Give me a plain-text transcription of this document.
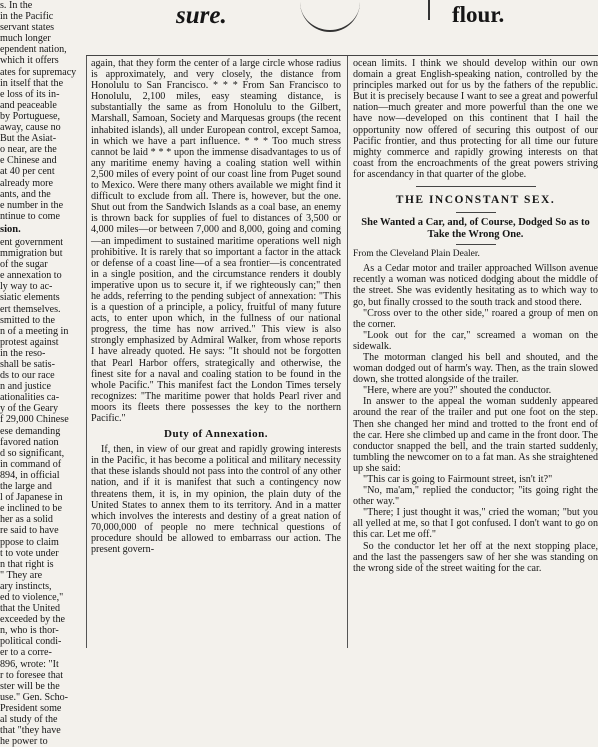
sure.	flour.

s. In the

in the Pacific

servant states

much longer

ependent nation,

which it offers

ates for supremacy

in itself that the

e loss of its in-

and peaceable

by Portuguese,

away, cause no

But the Asiat-

o near, are the

e Chinese and

at 40 per cent

already more

ants, and the

e number in the

ntinue to come

sion.

ent government

mmigration but

of the sugar

e annexation to

ly way to ac-

siatic elements

ert themselves.

smitted to the

n of a meeting in

protest against

in the reso-

shall be satis-

ds to our race

n and justice

ationalities ca-

y of the Geary

f 29,000 Chinese

ese demanding

favored nation

d so significant,

in command of

894, in official

the large and

l of Japanese in

e inclined to be

her as a solid

re said to have

ppose to claim

t to vote under

n that right is

" They are

ary instincts,

ed to violence,"

that the United

exceeded by the

n, who is thor-

political condi-

er to a corre-

896, wrote: "It

r to foresee that

ster will be the

use." Gen. Scho-

President some

al study of the

that "they have

he power to

again, that they form the center of a large circle whose radius is approximately, and very closely, the distance from Honolulu to San Francisco. * * * From San Francisco to Honolulu, 2,100 miles, easy steaming distance, is substantially the same as from Honolulu to the Gilbert, Marshall, Samoan, Society and Marquesas groups (the recent inhabited islands), all under European control, except Samoa, in which we have a part influence. * * * Too much stress cannot be laid * * * upon the immense disadvantages to us of any maritime enemy having a coaling station well within 2,500 miles of every point of our coast line from Puget sound to Mexico. Were there many others available we might find it difficult to exclude from all. There is, however, but the one. Shut out from the Sandwich Islands as a coal base, an enemy is thrown back for supplies of fuel to distances of 3,500 or 4,000 miles—or between 7,000 and 8,000, going and coming—an impediment to sustained maritime operations well nigh prohibitive. It is rarely that so important a factor in the attack or defense of a coast line—of a sea frontier—is concentrated in a single position, and the circumstance renders it doubly imperative upon us to secure it, if we righteously can;" then he adds, referring to the pending subject of annexation: "This is a question of a principle, a policy, fruitful of many future acts, to enter upon which, in the fullness of our national progress, the time has now arrived." This view is also strongly emphasized by Admiral Walker, from whose reports I have already quoted. He says: "It should not be forgotten that Pearl Harbor offers, strategically and otherwise, the finest site for a naval and coaling station to be found in the whole Pacific." This manifest fact the London Times tersely recognizes: "The maritime power that holds Pearl river and moors its fleets there possesses the key to the northern Pacific."

Duty of Annexation.

If, then, in view of our great and rapidly growing interests in the Pacific, it has become a political and military necessity that these islands should not pass into the control of any other nation, and if it is manifest that such a contingency now threatens them, it is, in my opinion, the plain duty of the United States to annex them to its territory. And in a matter which involves the interests and destiny of a great nation of 70,000,000 of people no mere technical questions of procedure should be allowed to embarrass our action. The present govern-

ocean limits. I think we should develop within our own domain a great English-speaking nation, controlled by the principles marked out for us by the fathers of the republic. But it is precisely because I want to see a great and powerful nation—much greater and more powerful than the one we have now—developed on this continent that I hail the opportunity now offered of securing this outpost of our Pacific frontier, and thus protecting for all time our future mighty commerce and rapidly growing interests on that coast from the encroachments of the great powers striving for ascendancy in that quarter of the globe.

THE INCONSTANT SEX.

She Wanted a Car, and, of Course, Dodged So as to Take the Wrong One.

From the Cleveland Plain Dealer.

As a Cedar motor and trailer approached Willson avenue recently a woman was noticed dodging about the middle of the street. She was evidently hesitating as to which way to go, but finally crossed to the south track and stood there.

"Cross over to the other side," roared a group of men on the corner.

"Look out for the car," screamed a woman on the sidewalk.

The motorman clanged his bell and shouted, and the woman dodged out of harm's way. Then, as the train slowed down, she trotted alongside of the trailer.

"Here, where are you?" shouted the conductor.

In answer to the appeal the woman suddenly appeared around the rear of the trailer and put one foot on the step. Then she changed her mind and trotted to the front end of the car. Here she climbed up and came in the front door. The conductor snapped the bell, and the train started suddenly, tumbling the newcomer on to a fat man. As she straightened up she said:

"This car is going to Fairmount street, isn't it?"

"No, ma'am," replied the conductor; "its going right the other way."

"There; I just thought it was," cried the woman; "but you all yelled at me, so that I got confused. I don't want to go on this car. Let me off."

So the conductor let her off at the next stopping place, and the last the passengers saw of her she was standing on the wrong side of the street waiting for the car.
